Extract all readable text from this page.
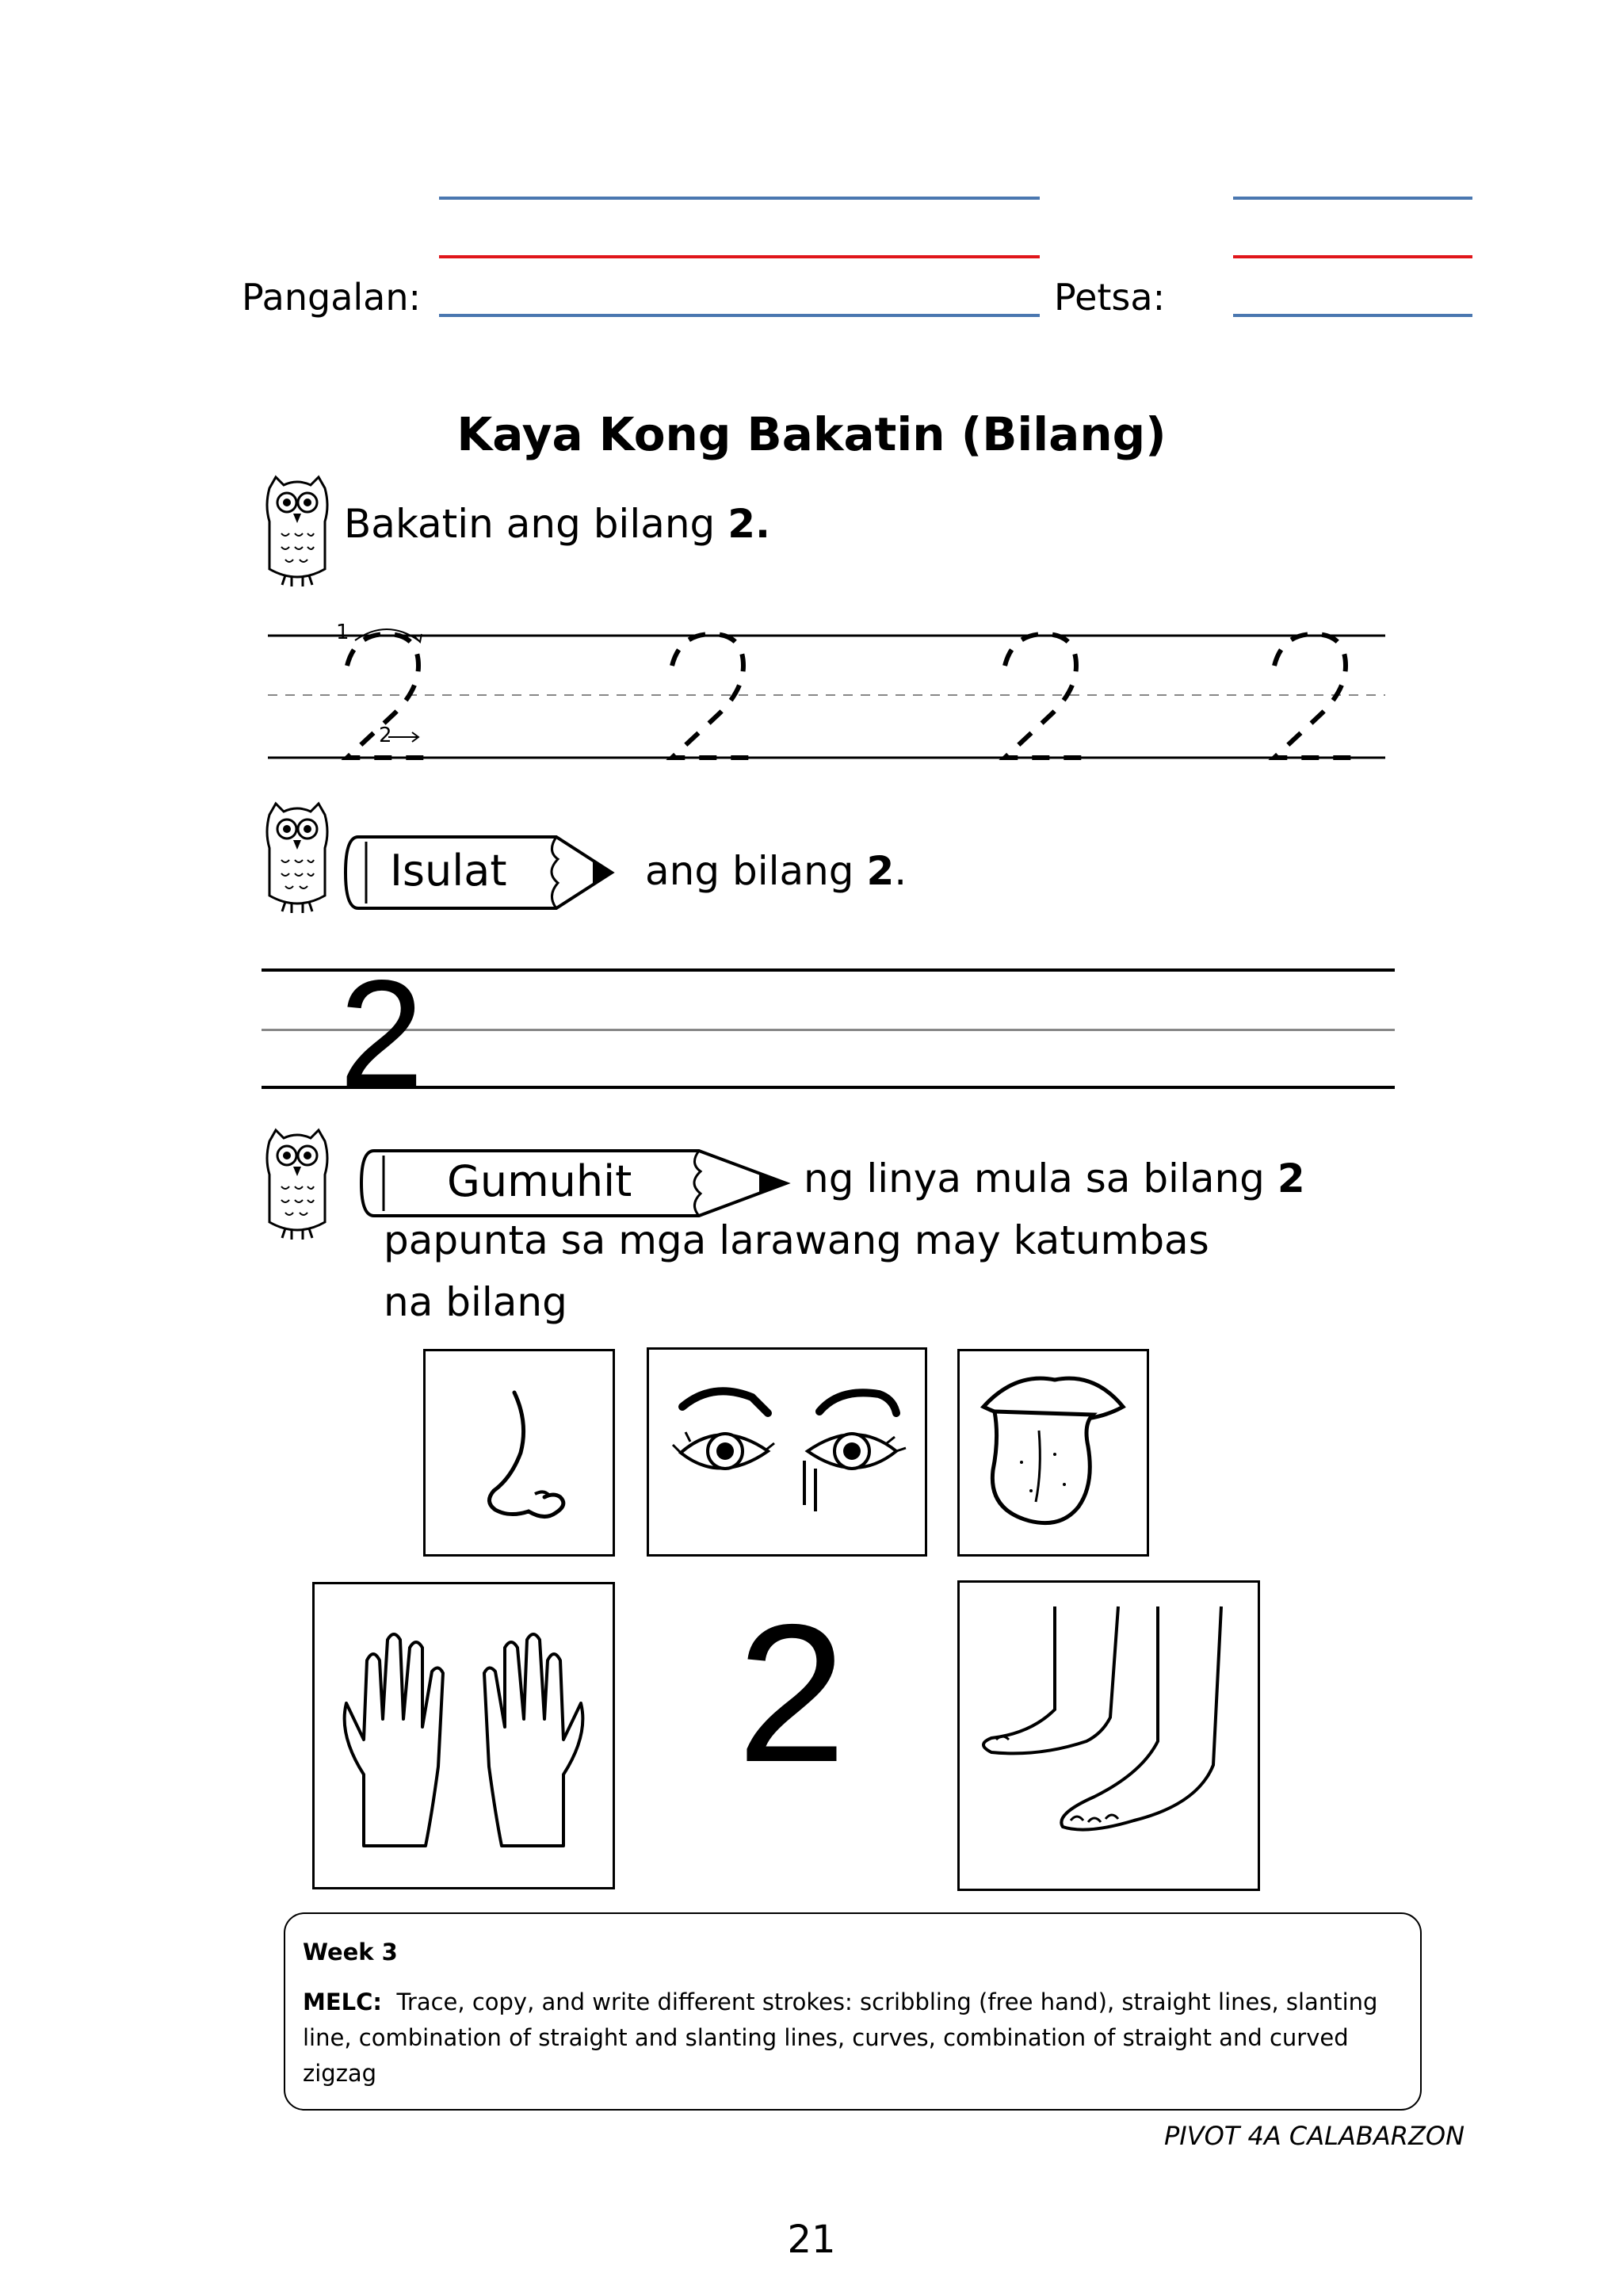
Pangalan:	Petsa:
Kaya Kong Bakatin (Bilang)
Bakatin ang bilang 2.
1
2
Isulat	ang bilang 2.
2
Gumuhit	ng linya mula sa bilang 2
papunta sa mga larawang may katumbas
na bilang
2
Week 3
MELC: Trace, copy, and write different strokes: scribbling (free hand), straight lines, slanting line, combination of straight and slanting lines, curves, combination of straight and curved zigzag
PIVOT 4A CALABARZON
21
